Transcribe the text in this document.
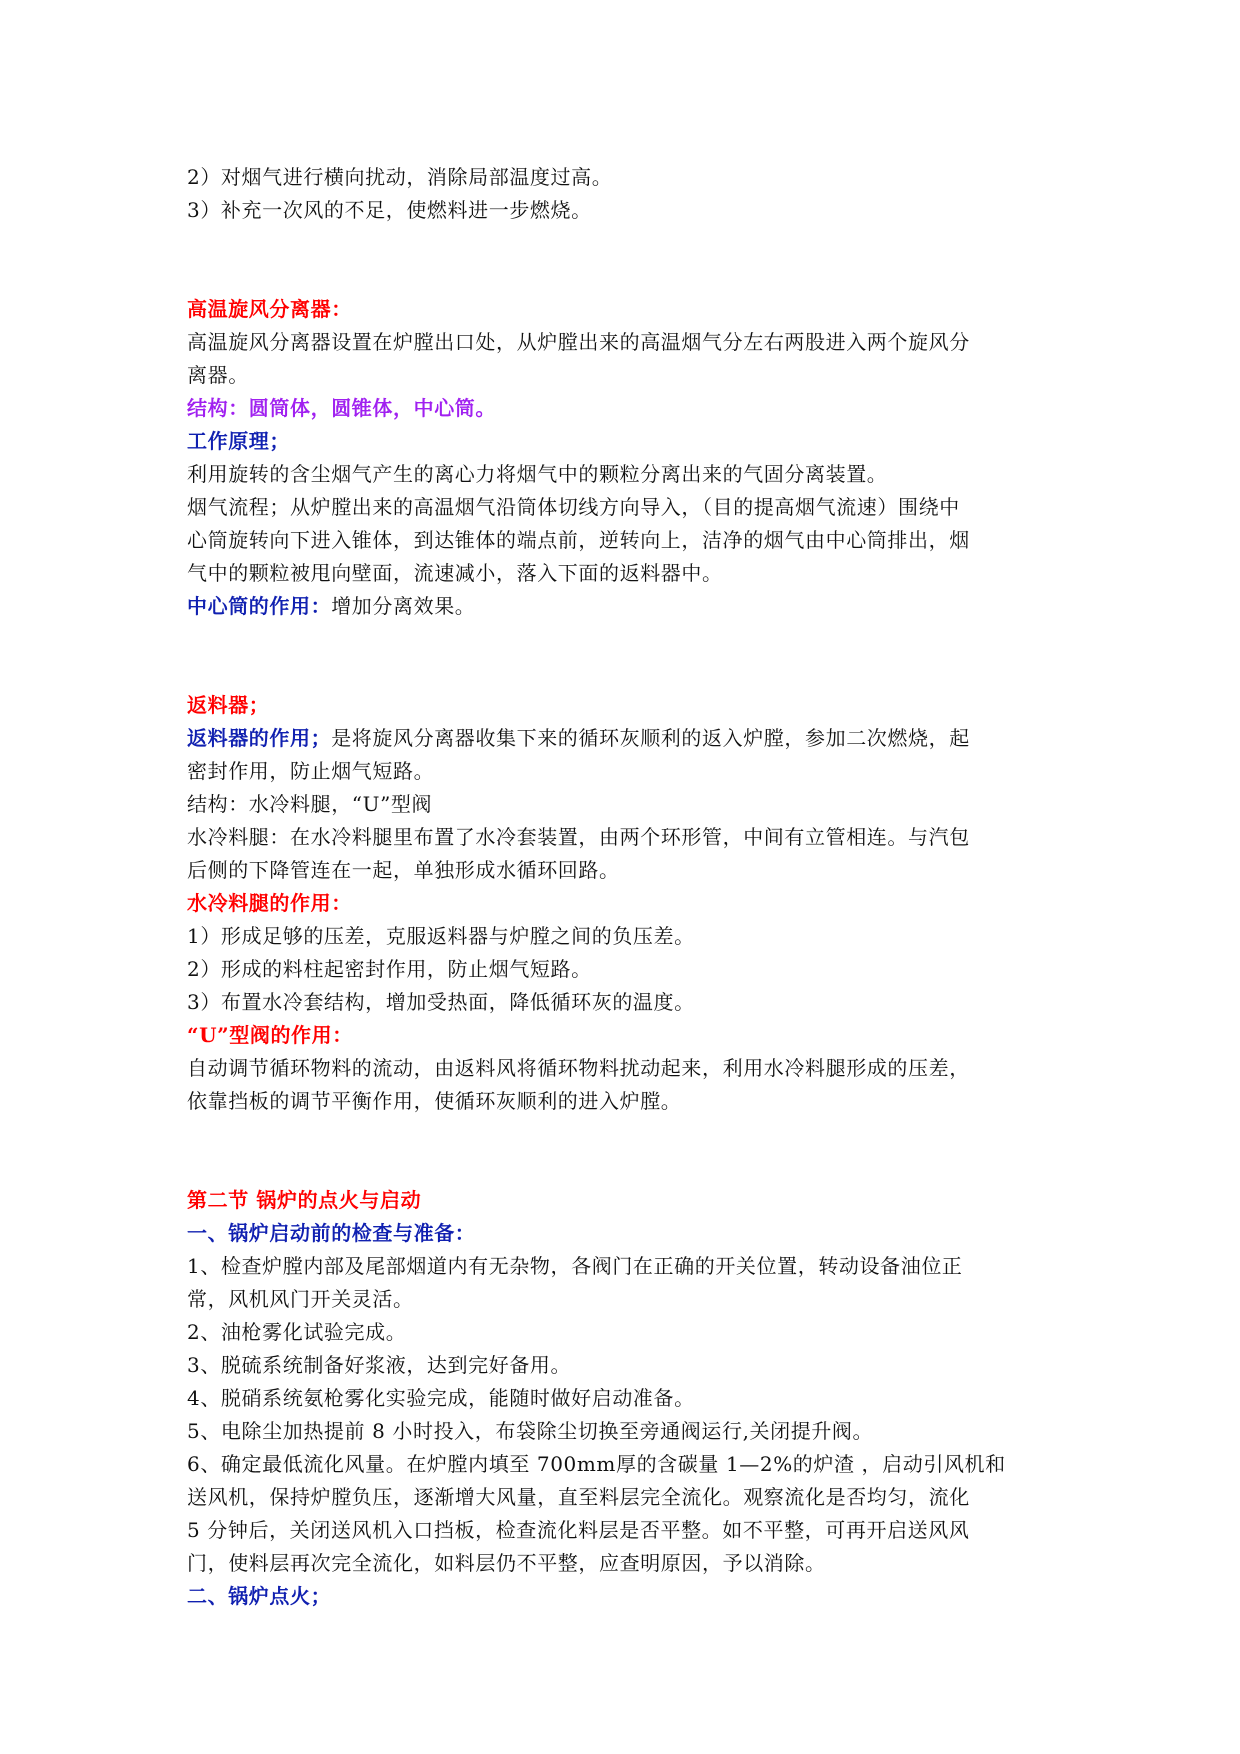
2）对烟气进行横向扰动，消除局部温度过高。
3）补充一次风的不足，使燃料进一步燃烧。
高温旋风分离器：
高温旋风分离器设置在炉膛出口处，从炉膛出来的高温烟气分左右两股进入两个旋风分
离器。
结构：圆筒体，圆锥体，中心筒。
工作原理；
利用旋转的含尘烟气产生的离心力将烟气中的颗粒分离出来的气固分离装置。
烟气流程；从炉膛出来的高温烟气沿筒体切线方向导入，（目的提高烟气流速）围绕中
心筒旋转向下进入锥体，到达锥体的端点前，逆转向上，洁净的烟气由中心筒排出，烟
气中的颗粒被甩向壁面，流速减小，落入下面的返料器中。
中心筒的作用：增加分离效果。
返料器；
返料器的作用；是将旋风分离器收集下来的循环灰顺利的返入炉膛，参加二次燃烧，起
密封作用，防止烟气短路。
结构：水冷料腿，“U”型阀
水冷料腿：在水冷料腿里布置了水冷套装置，由两个环形管，中间有立管相连。与汽包
后侧的下降管连在一起，单独形成水循环回路。
水冷料腿的作用：
1）形成足够的压差，克服返料器与炉膛之间的负压差。
2）形成的料柱起密封作用，防止烟气短路。
3）布置水冷套结构，增加受热面，降低循环灰的温度。
“U”型阀的作用：
自动调节循环物料的流动，由返料风将循环物料扰动起来，利用水冷料腿形成的压差，
依靠挡板的调节平衡作用，使循环灰顺利的进入炉膛。
第二节 锅炉的点火与启动
一、锅炉启动前的检查与准备：
1、检查炉膛内部及尾部烟道内有无杂物，各阀门在正确的开关位置，转动设备油位正
常，风机风门开关灵活。
2、油枪雾化试验完成。
3、脱硫系统制备好浆液，达到完好备用。
4、脱硝系统氨枪雾化实验完成，能随时做好启动准备。
5、电除尘加热提前 8 小时投入，布袋除尘切换至旁通阀运行,关闭提升阀。
6、确定最低流化风量。在炉膛内填至 700mm厚的含碳量 1—2%的炉渣 ，启动引风机和
送风机，保持炉膛负压，逐渐增大风量，直至料层完全流化。观察流化是否均匀，流化
5 分钟后，关闭送风机入口挡板，检查流化料层是否平整。如不平整，可再开启送风风
门，使料层再次完全流化，如料层仍不平整，应查明原因，予以消除。
二、锅炉点火；
